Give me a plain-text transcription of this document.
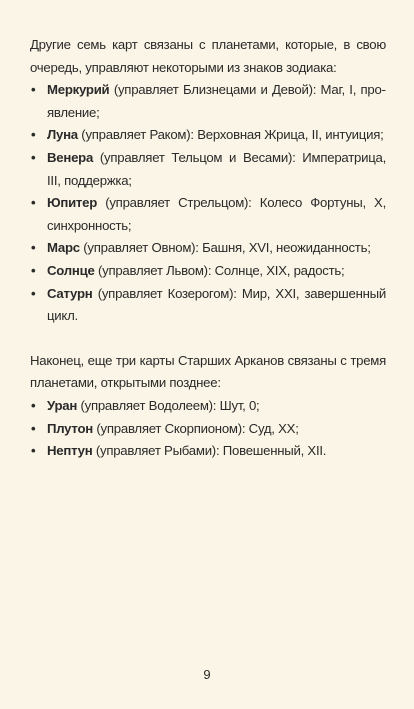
Другие семь карт связаны с планетами, которые, в свою очередь, управляют некоторыми из знаков зодиака:

• Меркурий (управляет Близнецами и Девой): Маг, I, проявление;
• Луна (управляет Раком): Верховная Жрица, II, интуиция;
• Венера (управляет Тельцом и Весами): Императрица, III, поддержка;
• Юпитер (управляет Стрельцом): Колесо Фортуны, X, синхронность;
• Марс (управляет Овном): Башня, XVI, неожиданность;
• Солнце (управляет Львом): Солнце, XIX, радость;
• Сатурн (управляет Козерогом): Мир, XXI, завершенный цикл.

Наконец, еще три карты Старших Арканов связаны с тремя планетами, открытыми позднее:

• Уран (управляет Водолеем): Шут, 0;
• Плутон (управляет Скорпионом): Суд, XX;
• Нептун (управляет Рыбами): Повешенный, XII.
9
